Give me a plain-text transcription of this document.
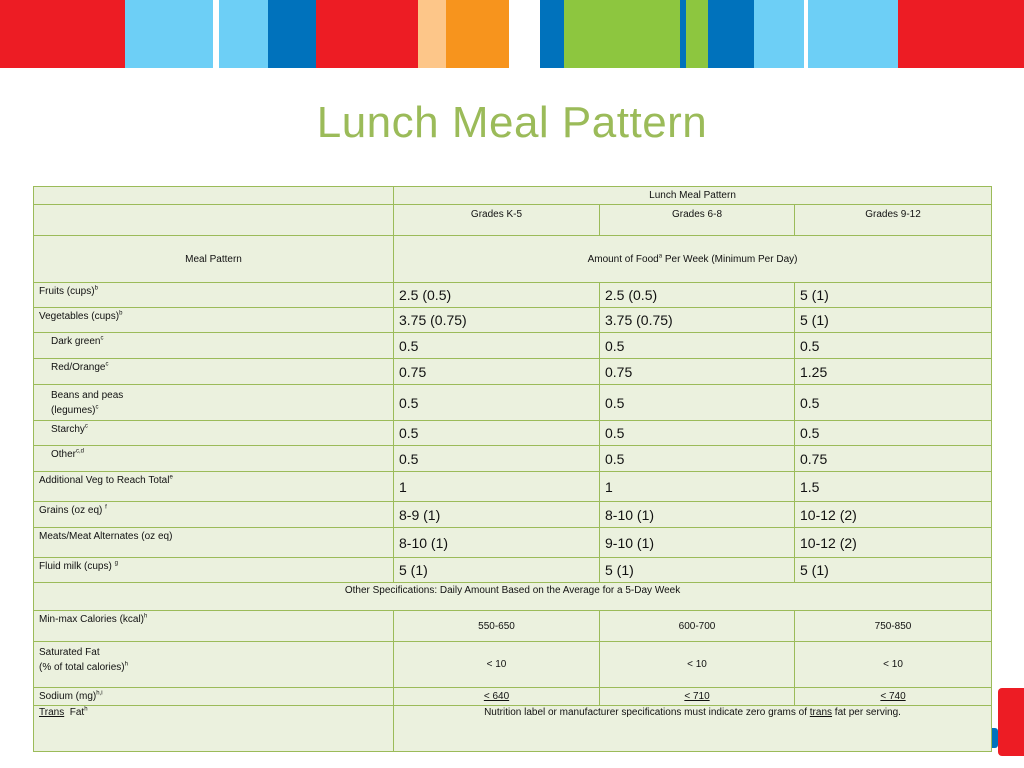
Lunch Meal Pattern
	Lunch Meal Pattern		
	Grades K-5	Grades 6-8	Grades 9-12
Meal Pattern	Amount of Food$^a$ Per Week (Minimum Per Day)		
Fruits (cups)$^b$	2.5 (0.5)	2.5 (0.5)	5 (1)
Vegetables (cups)$^b$	3.75 (0.75)	3.75 (0.75)	5 (1)
Dark green$^c$	0.5	0.5	0.5
Red/Orange$^c$	0.75	0.75	1.25
Beans and peas
(legumes)$^c$	0.5	0.5	0.5
Starchy$^c$	0.5	0.5	0.5
Other$^{c,d}$	0.5	0.5	0.75
Additional Veg to Reach Total$^e$	1	1	1.5
Grains (oz eq) $^f$	8-9 (1)	8-10 (1)	10-12 (2)
Meats/Meat Alternates (oz eq)	8-10 (1)	9-10 (1)	10-12 (2)
Fluid milk (cups) $^g$	5 (1)	5 (1)	5 (1)
Other Specifications: Daily Amount Based on the Average for a 5-Day Week			
Min-max Calories (kcal)$^h$	550-650	600-700	750-850
Saturated Fat
(% of total calories)$^h$	< 10	< 10	< 10
Sodium (mg)$^{h,i}$	< 640	< 710	< 740
Trans  Fat$^h$	Nutrition label or manufacturer specifications must indicate zero grams of trans fat per serving.		
